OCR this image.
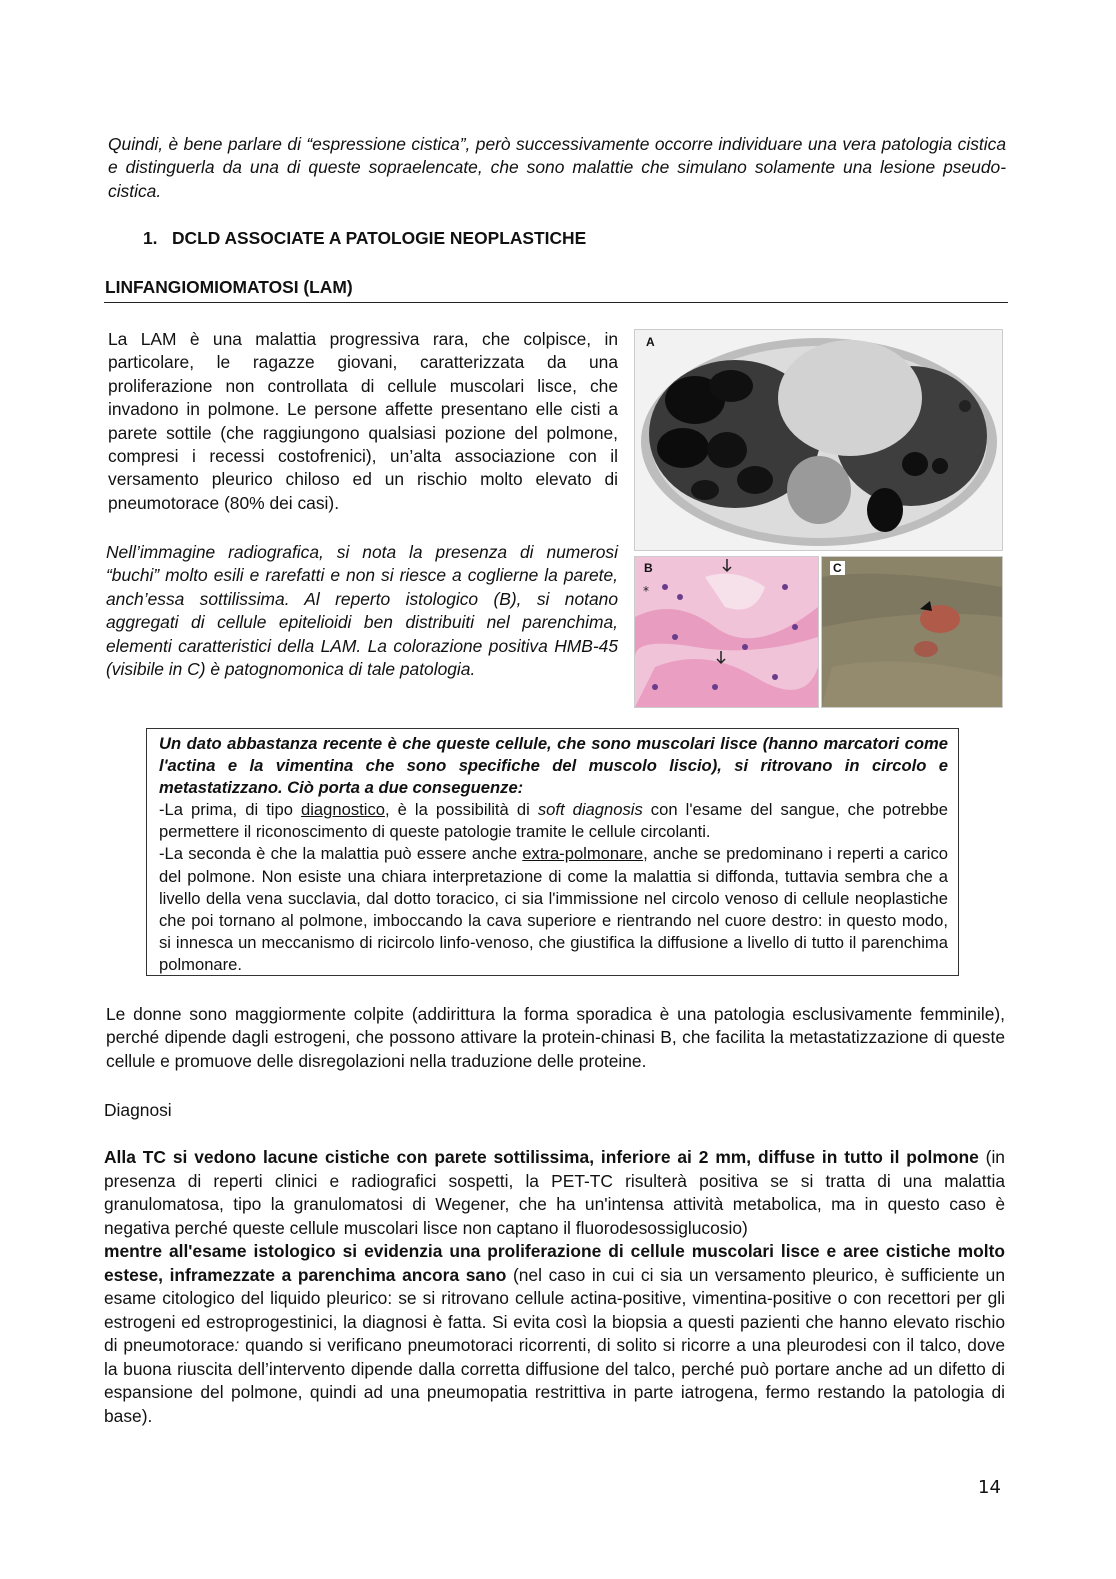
Quindi, è bene parlare di “espressione cistica”, però successivamente occorre individuare una vera patologia cistica e distinguerla da una di queste sopraelencate, che sono malattie che simulano solamente una lesione pseudo-cistica.

1.   DCLD ASSOCIATE A PATOLOGIE NEOPLASTICHE
LINFANGIOMIOMATOSI (LAM)

La LAM è una malattia progressiva rara, che colpisce, in particolare, le ragazze giovani, caratterizzata da una proliferazione non controllata di cellule muscolari lisce, che invadono in polmone. Le persone affette presentano elle cisti a parete sottile (che raggiungono qualsiasi pozione del polmone, compresi i recessi costofrenici), un’alta associazione con il versamento pleurico chiloso ed un rischio molto elevato di pneumotorace (80% dei casi).

Nell’immagine radiografica, si nota la presenza di numerosi “buchi” molto esili e rarefatti e non si riesce a coglierne la parete, anch’essa sottilissima. Al reperto istologico (B), si notano aggregati di cellule epitelioidi ben distribuiti nel parenchima, elementi caratteristici della LAM. La colorazione positiva HMB-45 (visibile in C) è patognomonica di tale patologia.

A
*
B	C

Un dato abbastanza recente è che queste cellule, che sono muscolari lisce (hanno marcatori come l'actina e la vimentina che sono specifiche del muscolo liscio), si ritrovano in circolo e metastatizzano. Ciò porta a due conseguenze:

-La prima, di tipo diagnostico, è la possibilità di soft diagnosis con l'esame del sangue, che potrebbe permettere il riconoscimento di queste patologie tramite le cellule circolanti.

-La seconda è che la malattia può essere anche extra-polmonare, anche se predominano i reperti a carico del polmone. Non esiste una chiara interpretazione di come la malattia si diffonda, tuttavia sembra che a livello della vena succlavia, dal dotto toracico, ci sia l'immissione nel circolo venoso di cellule neoplastiche che poi tornano al polmone, imboccando la cava superiore e rientrando nel cuore destro: in questo modo, si innesca un meccanismo di ricircolo linfo-venoso, che giustifica la diffusione a livello di tutto il parenchima polmonare.

Le donne sono maggiormente colpite (addirittura la forma sporadica è una patologia esclusivamente femminile), perché dipende dagli estrogeni, che possono attivare la protein-chinasi B, che facilita la metastatizzazione di queste cellule e promuove delle disregolazioni nella traduzione delle proteine.

Diagnosi

Alla TC si vedono lacune cistiche con parete sottilissima, inferiore ai 2 mm, diffuse in tutto il polmone (in presenza di reperti clinici e radiografici sospetti, la PET-TC risulterà positiva se si tratta di una malattia granulomatosa, tipo la granulomatosi di Wegener, che ha un'intensa attività metabolica, ma in questo caso è negativa perché queste cellule muscolari lisce non captano il fluorodesossiglucosio)

mentre all'esame istologico si evidenzia una proliferazione di cellule muscolari lisce e aree cistiche molto estese, inframezzate a parenchima ancora sano (nel caso in cui ci sia un versamento pleurico, è sufficiente un esame citologico del liquido pleurico: se si ritrovano cellule actina-positive, vimentina-positive o con recettori per gli estrogeni ed estroprogestinici, la diagnosi è fatta. Si evita così la biopsia a questi pazienti che hanno elevato rischio di pneumotorace: quando si verificano pneumotoraci ricorrenti, di solito si ricorre a una pleurodesi con il talco, dove la buona riuscita dell’intervento dipende dalla corretta diffusione del talco, perché può portare anche ad un difetto di espansione del polmone, quindi ad una pneumopatia restrittiva in parte iatrogena, fermo restando la patologia di base).

14
